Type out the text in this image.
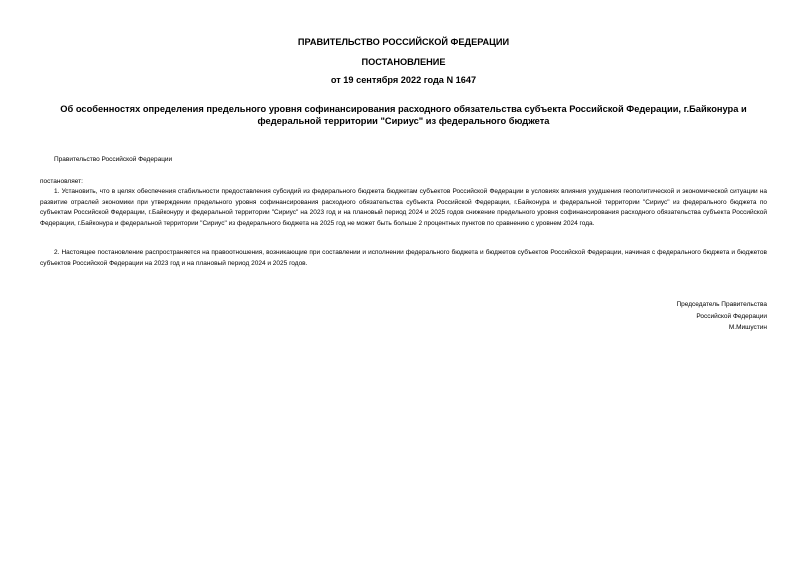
ПРАВИТЕЛЬСТВО РОССИЙСКОЙ ФЕДЕРАЦИИ
ПОСТАНОВЛЕНИЕ
от 19 сентября 2022 года N 1647
Об особенностях определения предельного уровня софинансирования расходного обязательства субъекта Российской Федерации, г.Байконура и федеральной территории "Сириус" из федерального бюджета
Правительство Российской Федерации
постановляет:
1. Установить, что в целях обеспечения стабильности предоставления субсидий из федерального бюджета бюджетам субъектов Российской Федерации в условиях влияния ухудшения геополитической и экономической ситуации на развитие отраслей экономики при утверждении предельного уровня софинансирования расходного обязательства субъекта Российской Федерации, г.Байконура и федеральной территории "Сириус" из федерального бюджета по субъектам Российской Федерации, г.Байконуру и федеральной территории "Сириус" на 2023 год и на плановый период 2024 и 2025 годов снижение предельного уровня софинансирования расходного обязательства субъекта Российской Федерации, г.Байконура и федеральной территории "Сириус" из федерального бюджета на 2025 год не может быть больше 2 процентных пунктов по сравнению с уровнем 2024 года.
2. Настоящее постановление распространяется на правоотношения, возникающие при составлении и исполнении федерального бюджета и бюджетов субъектов Российской Федерации, начиная с федерального бюджета и бюджетов субъектов Российской Федерации на 2023 год и на плановый период 2024 и 2025 годов.
Председатель Правительства
Российской Федерации
М.Мишустин
